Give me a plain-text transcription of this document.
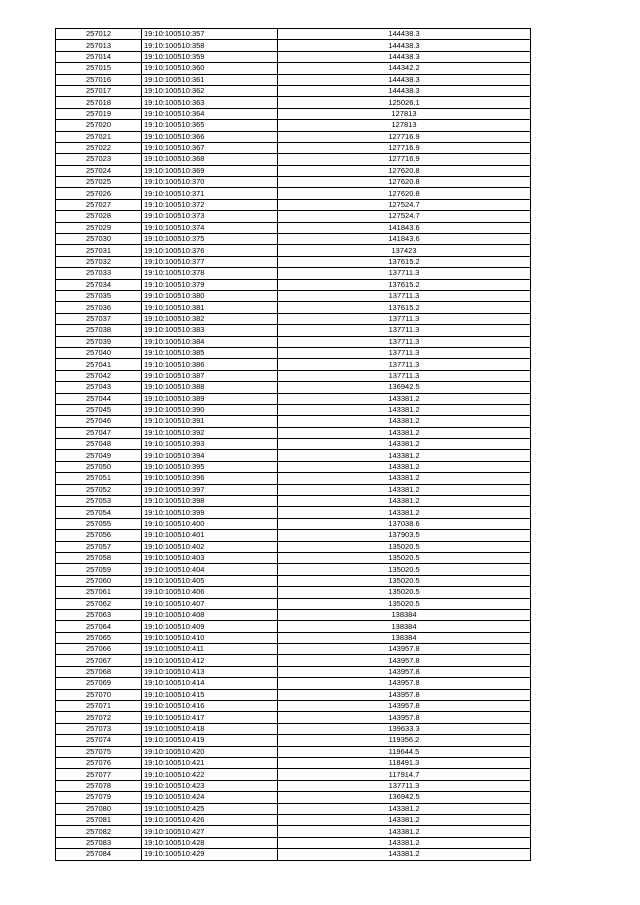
257012	19:10:100510:357	144438.3
257013	19:10:100510:358	144438.3
257014	19:10:100510:359	144438.3
257015	19:10:100510:360	144342.2
257016	19:10:100510:361	144438.3
257017	19:10:100510:362	144438.3
257018	19:10:100510:363	125026.1
257019	19:10:100510:364	127813
257020	19:10:100510:365	127813
257021	19:10:100510:366	127716.9
257022	19:10:100510:367	127716.9
257023	19:10:100510:368	127716.9
257024	19:10:100510:369	127620.8
257025	19:10:100510:370	127620.8
257026	19:10:100510:371	127620.8
257027	19:10:100510:372	127524.7
257028	19:10:100510:373	127524.7
257029	19:10:100510:374	141843.6
257030	19:10:100510:375	141843.6
257031	19:10:100510:376	137423
257032	19:10:100510:377	137615.2
257033	19:10:100510:378	137711.3
257034	19:10:100510:379	137615.2
257035	19:10:100510:380	137711.3
257036	19:10:100510:381	137615.2
257037	19:10:100510:382	137711.3
257038	19:10:100510:383	137711.3
257039	19:10:100510:384	137711.3
257040	19:10:100510:385	137711.3
257041	19:10:100510:386	137711.3
257042	19:10:100510:387	137711.3
257043	19:10:100510:388	136942.5
257044	19:10:100510:389	143381.2
257045	19:10:100510:390	143381.2
257046	19:10:100510:391	143381.2
257047	19:10:100510:392	143381.2
257048	19:10:100510:393	143381.2
257049	19:10:100510:394	143381.2
257050	19:10:100510:395	143381.2
257051	19:10:100510:396	143381.2
257052	19:10:100510:397	143381.2
257053	19:10:100510:398	143381.2
257054	19:10:100510:399	143381.2
257055	19:10:100510:400	137038.6
257056	19:10:100510:401	137903.5
257057	19:10:100510:402	135020.5
257058	19:10:100510:403	135020.5
257059	19:10:100510:404	135020.5
257060	19:10:100510:405	135020.5
257061	19:10:100510:406	135020.5
257062	19:10:100510:407	135020.5
257063	19:10:100510:408	138384
257064	19:10:100510:409	138384
257065	19:10:100510:410	138384
257066	19:10:100510:411	143957.8
257067	19:10:100510:412	143957.8
257068	19:10:100510:413	143957.8
257069	19:10:100510:414	143957.8
257070	19:10:100510:415	143957.8
257071	19:10:100510:416	143957.8
257072	19:10:100510:417	143957.8
257073	19:10:100510:418	139633.3
257074	19:10:100510:419	119356.2
257075	19:10:100510:420	119644.5
257076	19:10:100510:421	118491.3
257077	19:10:100510:422	117914.7
257078	19:10:100510:423	137711.3
257079	19:10:100510:424	136942.5
257080	19:10:100510:425	143381.2
257081	19:10:100510:426	143381.2
257082	19:10:100510:427	143381.2
257083	19:10:100510:428	143381.2
257084	19:10:100510:429	143381.2
